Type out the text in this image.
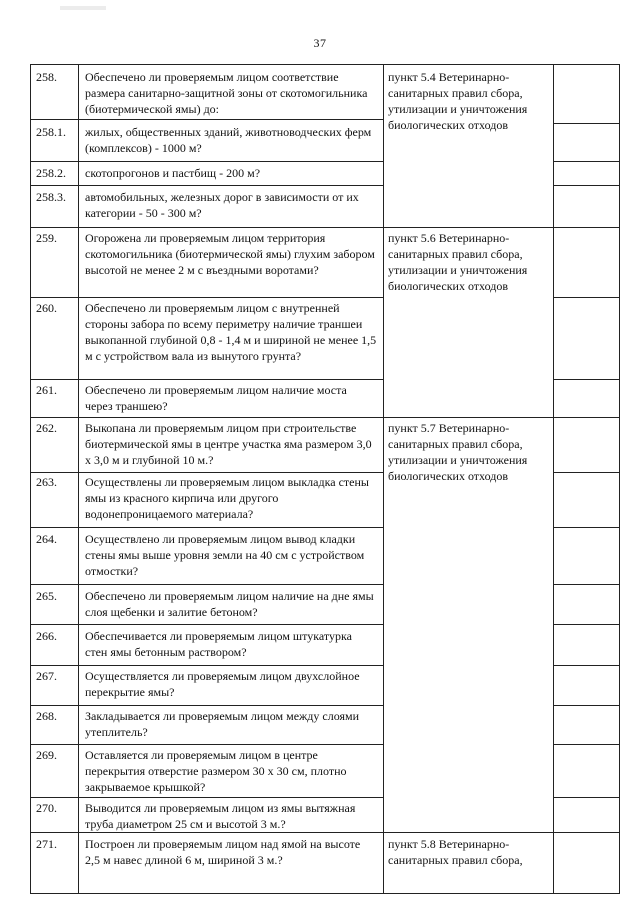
37
258.
258.1.
258.2.
258.3.
259.
260.
261.
262.
263.
264.
265.
266.
267.
268.
269.
270.
271.
Обеспечено ли проверяемым лицом соответствие размера санитарно-защитной зоны от скотомогильника (биотермической ямы) до:
жилых, общественных зданий, животноводческих ферм (комплексов) - 1000 м?
скотопрогонов и пастбищ - 200 м?
автомобильных, железных дорог в зависимости от их категории - 50 - 300 м?
Огорожена ли проверяемым лицом территория скотомогильника (биотермической ямы) глухим забором высотой не менее 2 м с въездными воротами?
Обеспечено ли проверяемым лицом с внутренней стороны забора по всему периметру наличие траншеи выкопанной глубиной 0,8 - 1,4 м и шириной не менее 1,5 м с устройством вала из вынутого грунта?
Обеспечено ли проверяемым лицом наличие моста через траншею?
Выкопана ли проверяемым лицом при строительстве биотермической ямы в центре участка яма размером 3,0 х 3,0 м и глубиной 10 м.?
Осуществлены ли проверяемым лицом выкладка стены ямы из красного кирпича или другого водонепроницаемого материала?
Осуществлено ли проверяемым лицом вывод кладки стены ямы выше уровня земли на 40 см с устройством отмостки?
Обеспечено ли проверяемым лицом наличие на дне ямы слоя щебенки и залитие бетоном?
Обеспечивается ли проверяемым лицом штукатурка стен ямы бетонным раствором?
Осуществляется ли проверяемым лицом двухслойное перекрытие ямы?
Закладывается ли проверяемым лицом между слоями утеплитель?
Оставляется ли проверяемым лицом в центре перекрытия отверстие размером 30 х 30 см, плотно закрываемое крышкой?
Выводится ли проверяемым лицом из ямы вытяжная труба диаметром 25 см и высотой 3 м.?
Построен ли проверяемым лицом над ямой на высоте 2,5 м навес длиной 6 м, шириной 3 м.?
пункт 5.4 Ветеринарно-санитарных правил сбора, утилизации и уничтожения биологических отходов
пункт 5.6 Ветеринарно-санитарных правил сбора, утилизации и уничтожения биологических отходов
пункт 5.7 Ветеринарно-санитарных правил сбора, утилизации и уничтожения биологических отходов
пункт 5.8 Ветеринарно-санитарных правил сбора,
